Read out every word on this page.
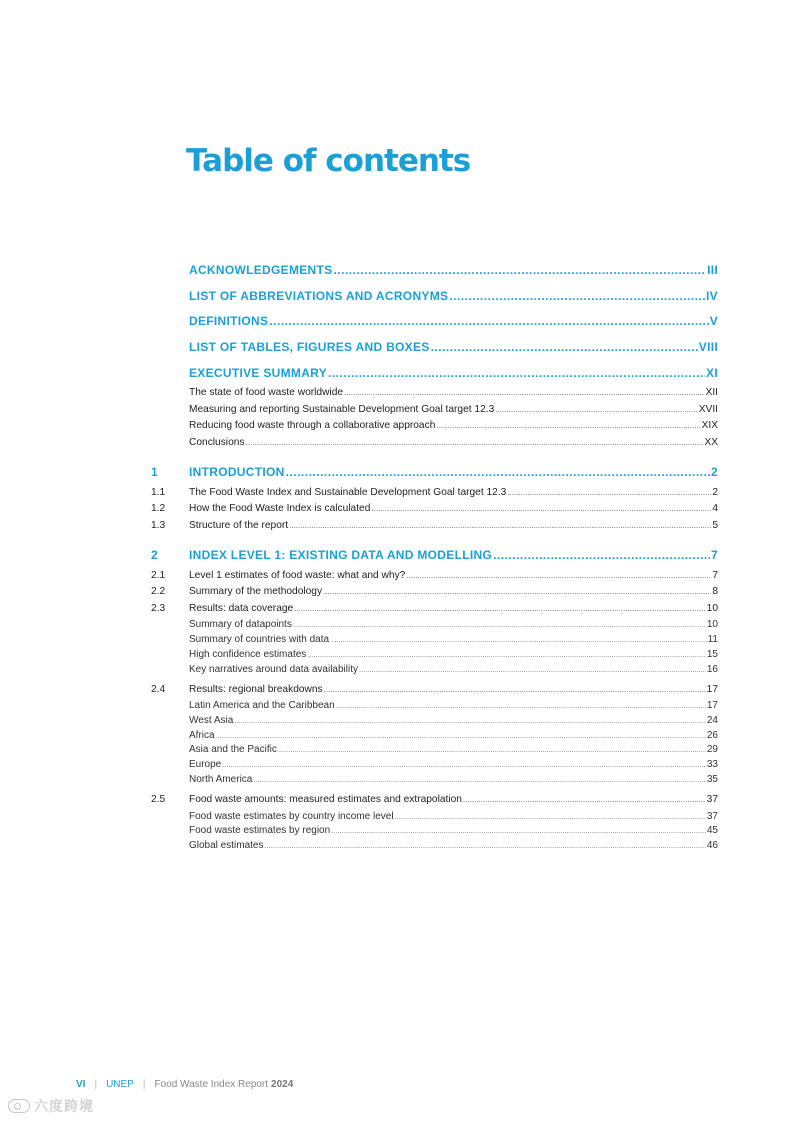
Table of contents
ACKNOWLEDGEMENTS .....	III
LIST OF ABBREVIATIONS AND ACRONYMS .....	IV
DEFINITIONS .....	V
LIST OF TABLES, FIGURES AND BOXES .....	VIII
EXECUTIVE SUMMARY .....	XI
The state of food waste worldwide .....	XII
Measuring and reporting Sustainable Development Goal target 12.3 .....	XVII
Reducing food waste through a collaborative approach .....	XIX
Conclusions .....	XX
1	INTRODUCTION .....	2
1.1 The Food Waste Index and Sustainable Development Goal target 12.3 .....	2
1.2 How the Food Waste Index is calculated .....	4
1.3 Structure of the report .....	5
2	INDEX LEVEL 1: EXISTING DATA AND MODELLING .....	7
2.1 Level 1 estimates of food waste: what and why? .....	7
2.2 Summary of the methodology .....	8
2.3 Results: data coverage .....	10
Summary of datapoints .....	10
Summary of countries with data .....	11
High confidence estimates .....	15
Key narratives around data availability .....	16
2.4 Results: regional breakdowns .....	17
Latin America and the Caribbean .....	17
West Asia .....	24
Africa .....	26
Asia and the Pacific .....	29
Europe .....	33
North America .....	35
2.5 Food waste amounts: measured estimates and extrapolation .....	37
Food waste estimates by country income level .....	37
Food waste estimates by region .....	45
Global estimates .....	46
VI | UNEP | Food Waste Index Report 2024
六度跨境
